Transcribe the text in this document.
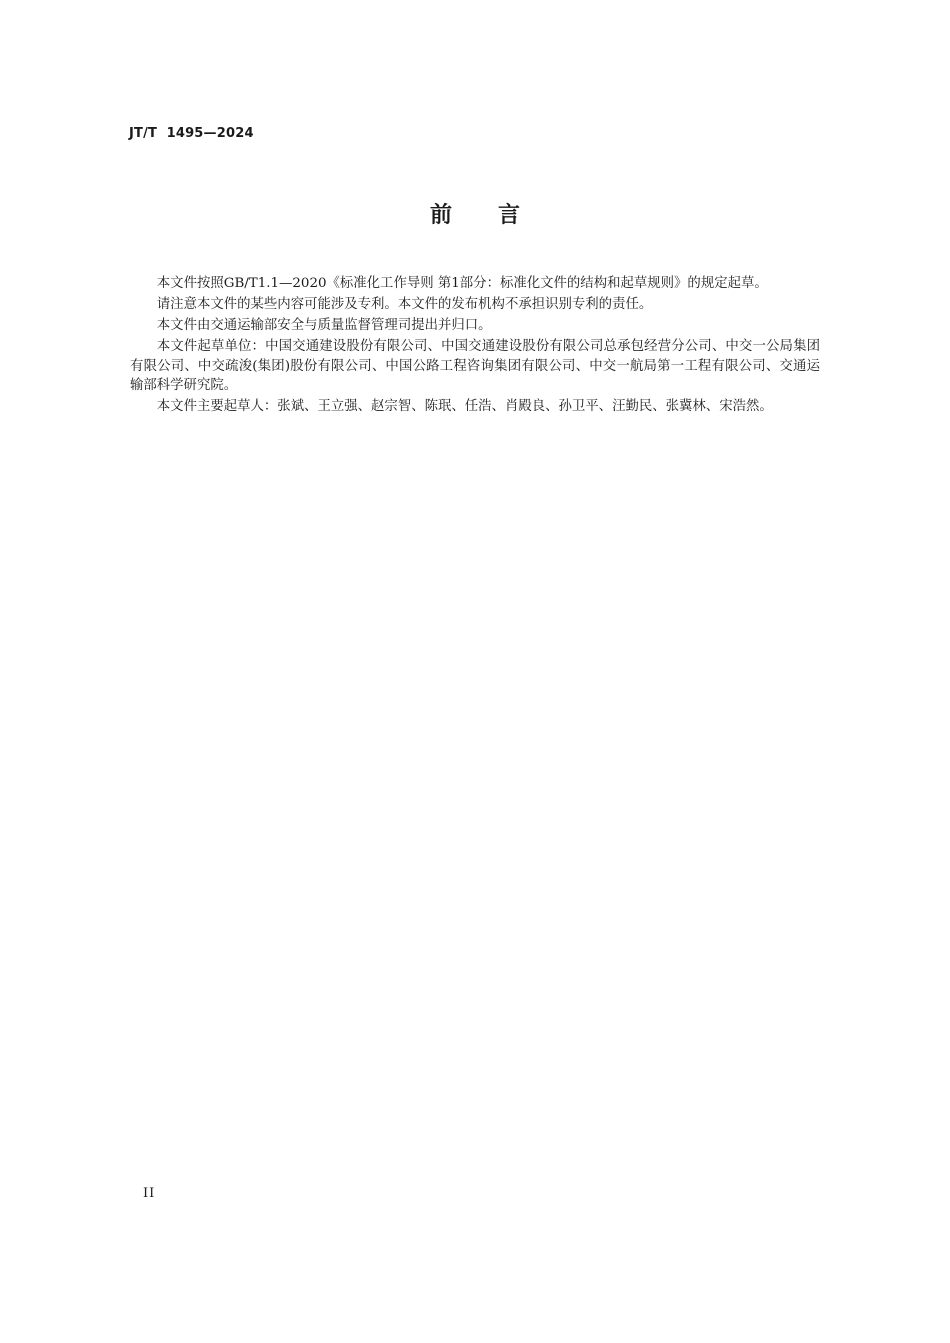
JT/T  1495—2024
前言

本文件按照GB/T1.1—2020《标准化工作导则 第1部分：标准化文件的结构和起草规则》的规定起草。

请注意本文件的某些内容可能涉及专利。本文件的发布机构不承担识别专利的责任。

本文件由交通运输部安全与质量监督管理司提出并归口。

本文件起草单位：中国交通建设股份有限公司、中国交通建设股份有限公司总承包经营分公司、中交一公局集团有限公司、中交疏浚(集团)股份有限公司、中国公路工程咨询集团有限公司、中交一航局第一工程有限公司、交通运输部科学研究院。

本文件主要起草人：张斌、王立强、赵宗智、陈珉、任浩、肖殿良、孙卫平、汪勤民、张冀林、宋浩然。

II
